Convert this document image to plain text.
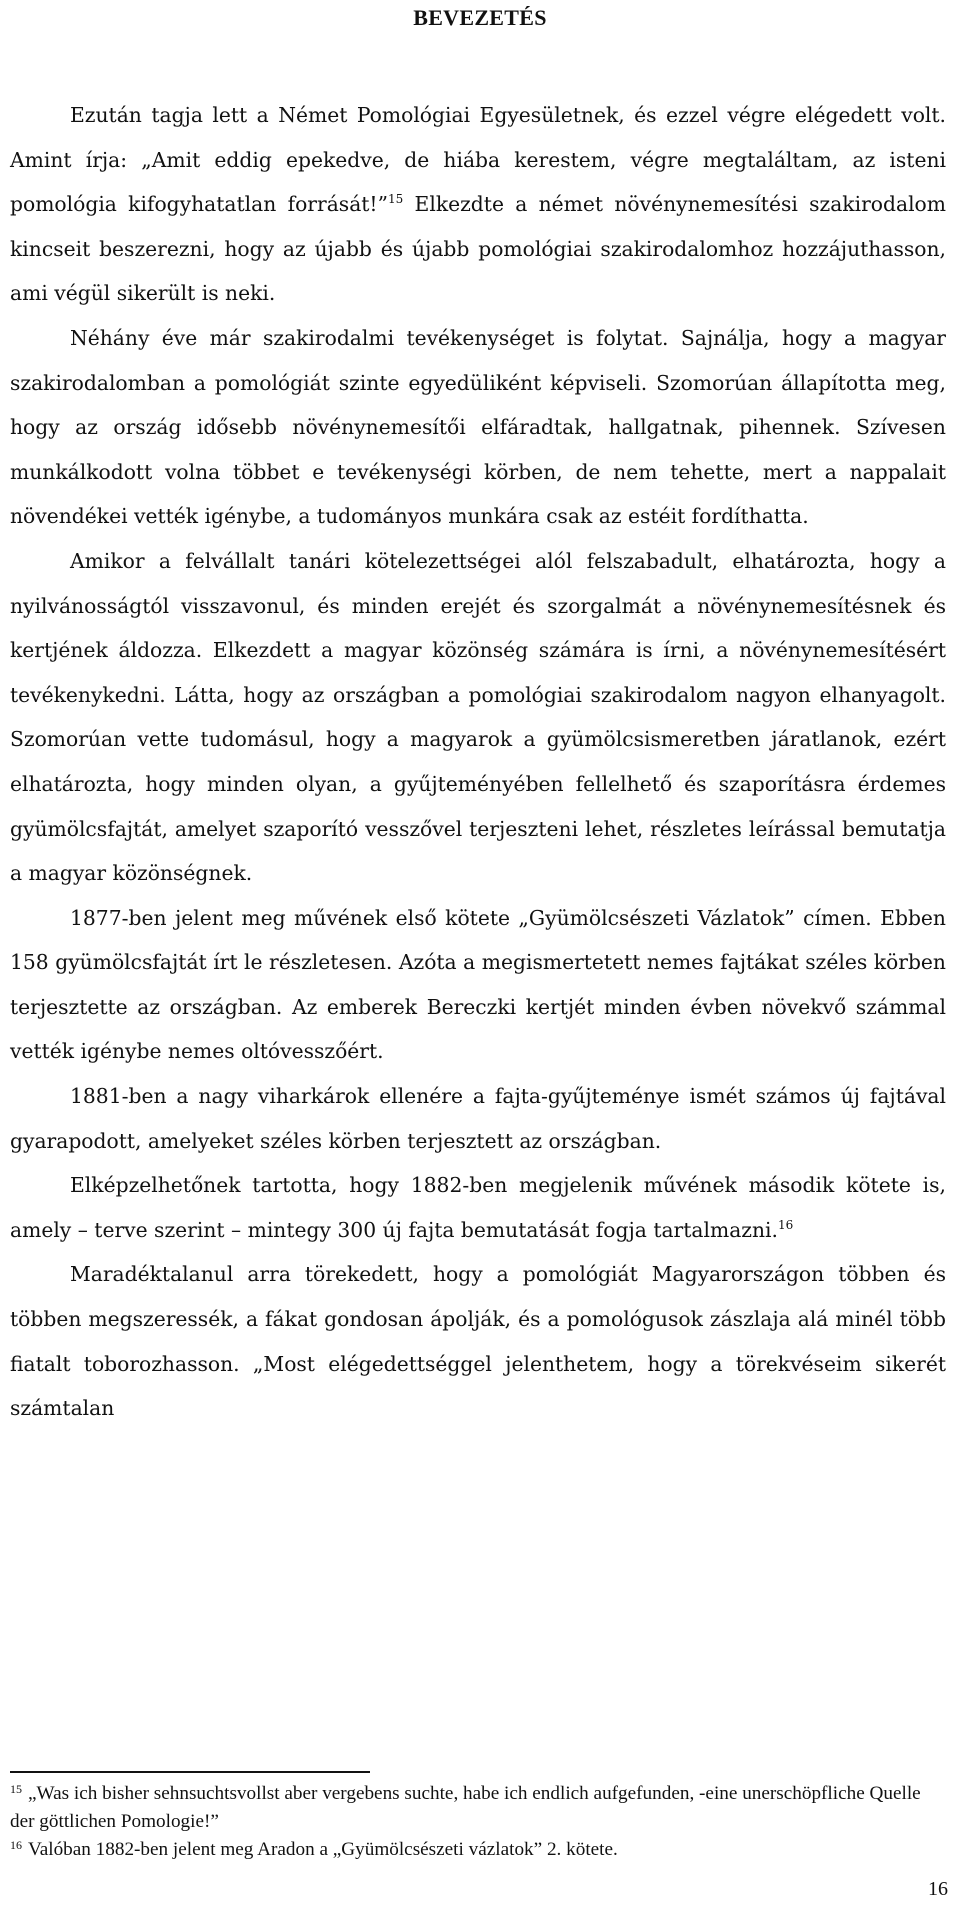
BEVEZETÉS

Ezután tagja lett a Német Pomológiai Egyesületnek, és ezzel végre elégedett volt. Amint írja: „Amit eddig epekedve, de hiába kerestem, végre megtaláltam, az isteni pomológia kifogyhatatlan forrását!”$^{15}$ Elkezdte a német növénynemesítési szakirodalom kincseit beszerezni, hogy az újabb és újabb pomológiai szakirodalomhoz hozzájuthasson, ami végül sikerült is neki.

Néhány éve már szakirodalmi tevékenységet is folytat. Sajnálja, hogy a magyar szakirodalomban a pomológiát szinte egyedüliként képviseli. Szomorúan állapította meg, hogy az ország idősebb növénynemesítői elfáradtak, hallgatnak, pihennek. Szívesen munkálkodott volna többet e tevékenységi körben, de nem tehette, mert a nappalait növendékei vették igénybe, a tudományos munkára csak az estéit fordíthatta.

Amikor a felvállalt tanári kötelezettségei alól felszabadult, elhatározta, hogy a nyilvánosságtól visszavonul, és minden erejét és szorgalmát a növénynemesítésnek és kertjének áldozza. Elkezdett a magyar közönség számára is írni, a növénynemesítésért tevékenykedni. Látta, hogy az országban a pomológiai szakirodalom nagyon elhanyagolt. Szomorúan vette tudomásul, hogy a magyarok a gyümölcsismeretben járatlanok, ezért elhatározta, hogy minden olyan, a gyűjteményében fellelhető és szaporításra érdemes gyümölcsfajtát, amelyet szaporító vesszővel terjeszteni lehet, részletes leírással bemutatja a magyar közönségnek.

1877-ben jelent meg művének első kötete „Gyümölcsészeti Vázlatok” címen. Ebben 158 gyümölcsfajtát írt le részletesen. Azóta a megismertetett nemes fajtákat széles körben terjesztette az országban. Az emberek Bereczki kertjét minden évben növekvő számmal vették igénybe nemes oltóvesszőért.

1881-ben a nagy viharkárok ellenére a fajta-gyűjteménye ismét számos új fajtával gyarapodott, amelyeket széles körben terjesztett az országban.

Elképzelhetőnek tartotta, hogy 1882-ben megjelenik művének második kötete is, amely – terve szerint – mintegy 300 új fajta bemutatását fogja tartalmazni.$^{16}$

Maradéktalanul arra törekedett, hogy a pomológiát Magyarországon többen és többen megszeressék, a fákat gondosan ápolják, és a pomológusok zászlaja alá minél több fiatalt toborozhasson. „Most elégedettséggel jelenthetem, hogy a törekvéseim sikerét számtalan

$^{15}$ „Was ich bisher sehnsuchtsvollst aber vergebens suchte, habe ich endlich aufgefunden, -eine unerschöpfliche Quelle der göttlichen Pomologie!”

$^{16}$ Valóban 1882-ben jelent meg Aradon a „Gyümölcsészeti vázlatok” 2. kötete.

16
